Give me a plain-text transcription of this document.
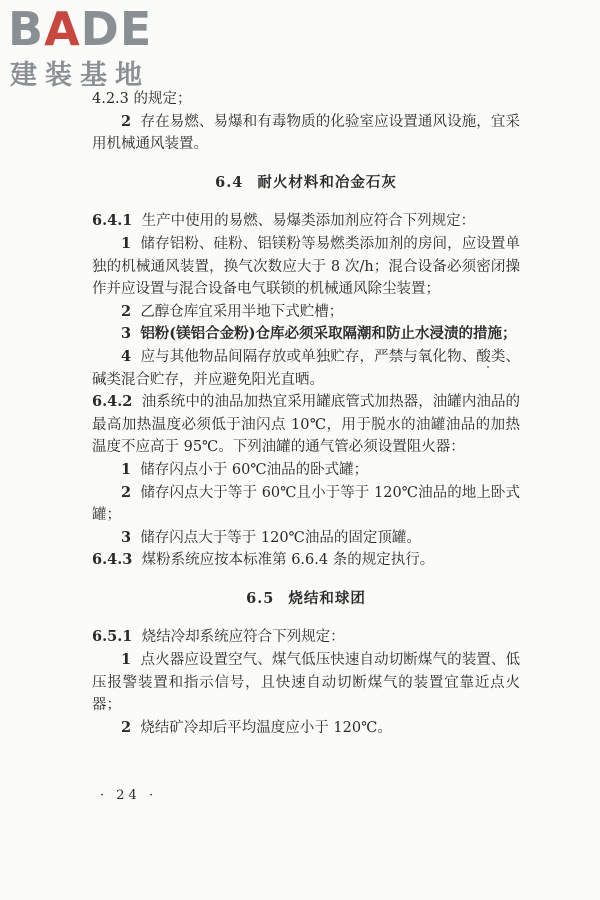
BADE
建装基地

4.2.3 的规定；

2 存在易燃、易爆和有毒物质的化验室应设置通风设施，宜采用机械通风装置。

6.4 耐火材料和冶金石灰

6.4.1 生产中使用的易燃、易爆类添加剂应符合下列规定：

1 储存铝粉、硅粉、铝镁粉等易燃类添加剂的房间，应设置单独的机械通风装置，换气次数应大于 8 次/h；混合设备必须密闭操作并应设置与混合设备电气联锁的机械通风除尘装置；

2 乙醇仓库宜采用半地下式贮槽；

3 铝粉(镁铝合金粉)仓库必须采取隔潮和防止水浸渍的措施；

4 应与其他物品间隔存放或单独贮存，严禁与氧化物、酸类、碱类混合贮存，并应避免阳光直晒。

6.4.2 油系统中的油品加热宜采用罐底管式加热器，油罐内油品的最高加热温度必须低于油闪点 10℃，用于脱水的油罐油品的加热温度不应高于 95℃。下列油罐的通气管必须设置阻火器：

1 储存闪点小于 60℃油品的卧式罐；

2 储存闪点大于等于 60℃且小于等于 120℃油品的地上卧式罐；

3 储存闪点大于等于 120℃油品的固定顶罐。

6.4.3 煤粉系统应按本标准第 6.6.4 条的规定执行。

6.5 烧结和球团

6.5.1 烧结冷却系统应符合下列规定：

1 点火器应设置空气、煤气低压快速自动切断煤气的装置、低压报警装置和指示信号，且快速自动切断煤气的装置宜靠近点火器；

2 烧结矿冷却后平均温度应小于 120℃。

· 24 ·
